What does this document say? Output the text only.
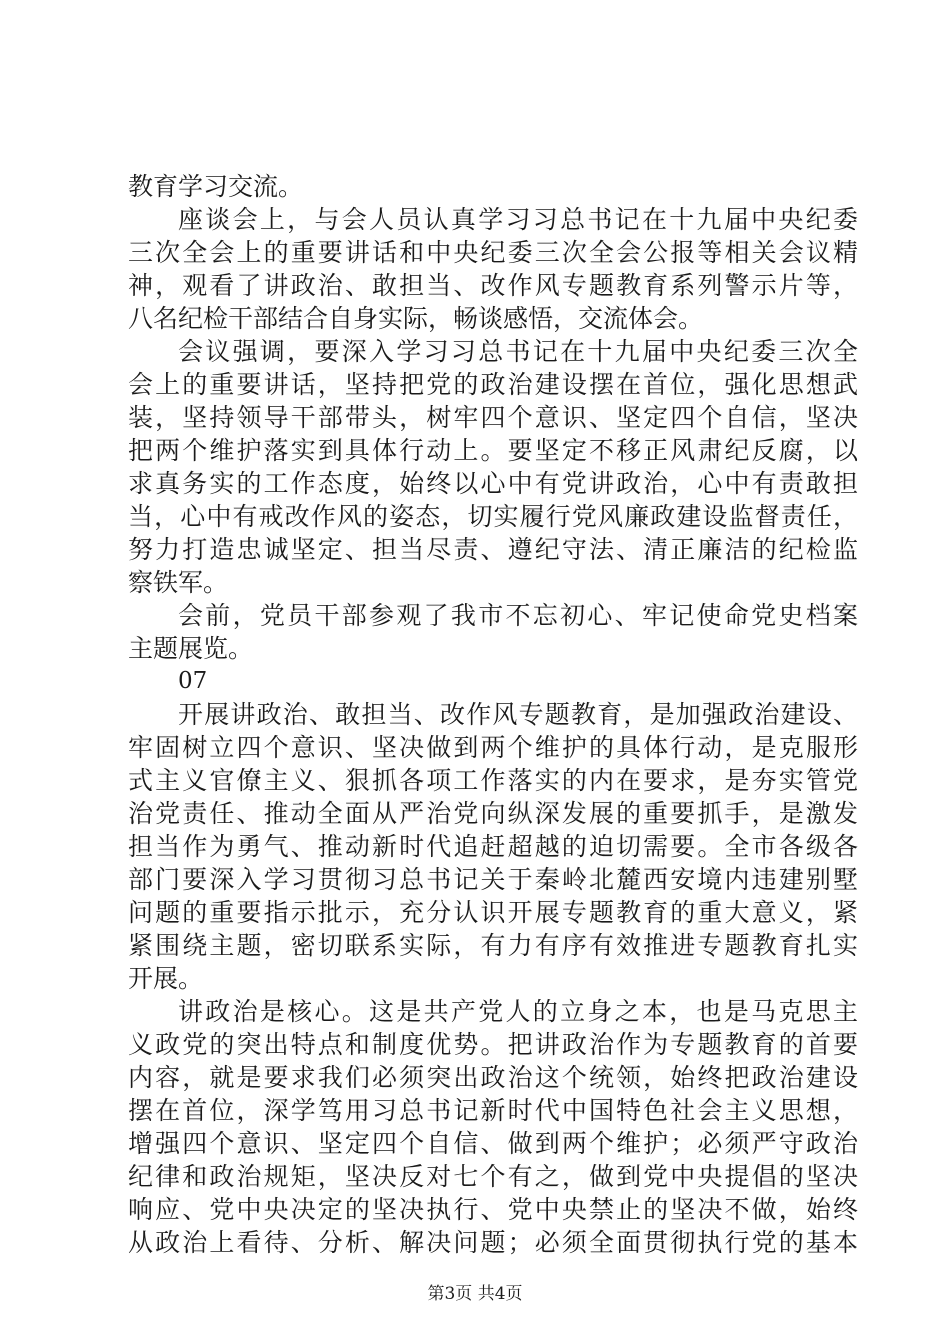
教育学习交流。
座谈会上，与会人员认真学习习总书记在十九届中央纪委
三次全会上的重要讲话和中央纪委三次全会公报等相关会议精
神，观看了讲政治、敢担当、改作风专题教育系列警示片等，
八名纪检干部结合自身实际，畅谈感悟，交流体会。
会议强调，要深入学习习总书记在十九届中央纪委三次全
会上的重要讲话，坚持把党的政治建设摆在首位，强化思想武
装，坚持领导干部带头，树牢四个意识、坚定四个自信，坚决
把两个维护落实到具体行动上。要坚定不移正风肃纪反腐，以
求真务实的工作态度，始终以心中有党讲政治，心中有责敢担
当，心中有戒改作风的姿态，切实履行党风廉政建设监督责任，
努力打造忠诚坚定、担当尽责、遵纪守法、清正廉洁的纪检监
察铁军。
会前，党员干部参观了我市不忘初心、牢记使命党史档案
主题展览。
07
开展讲政治、敢担当、改作风专题教育，是加强政治建设、
牢固树立四个意识、坚决做到两个维护的具体行动，是克服形
式主义官僚主义、狠抓各项工作落实的内在要求，是夯实管党
治党责任、推动全面从严治党向纵深发展的重要抓手，是激发
担当作为勇气、推动新时代追赶超越的迫切需要。全市各级各
部门要深入学习贯彻习总书记关于秦岭北麓西安境内违建别墅
问题的重要指示批示，充分认识开展专题教育的重大意义，紧
紧围绕主题，密切联系实际，有力有序有效推进专题教育扎实
开展。
讲政治是核心。这是共产党人的立身之本，也是马克思主
义政党的突出特点和制度优势。把讲政治作为专题教育的首要
内容，就是要求我们必须突出政治这个统领，始终把政治建设
摆在首位，深学笃用习总书记新时代中国特色社会主义思想，
增强四个意识、坚定四个自信、做到两个维护；必须严守政治
纪律和政治规矩，坚决反对七个有之，做到党中央提倡的坚决
响应、党中央决定的坚决执行、党中央禁止的坚决不做，始终
从政治上看待、分析、解决问题；必须全面贯彻执行党的基本
第3页 共4页
